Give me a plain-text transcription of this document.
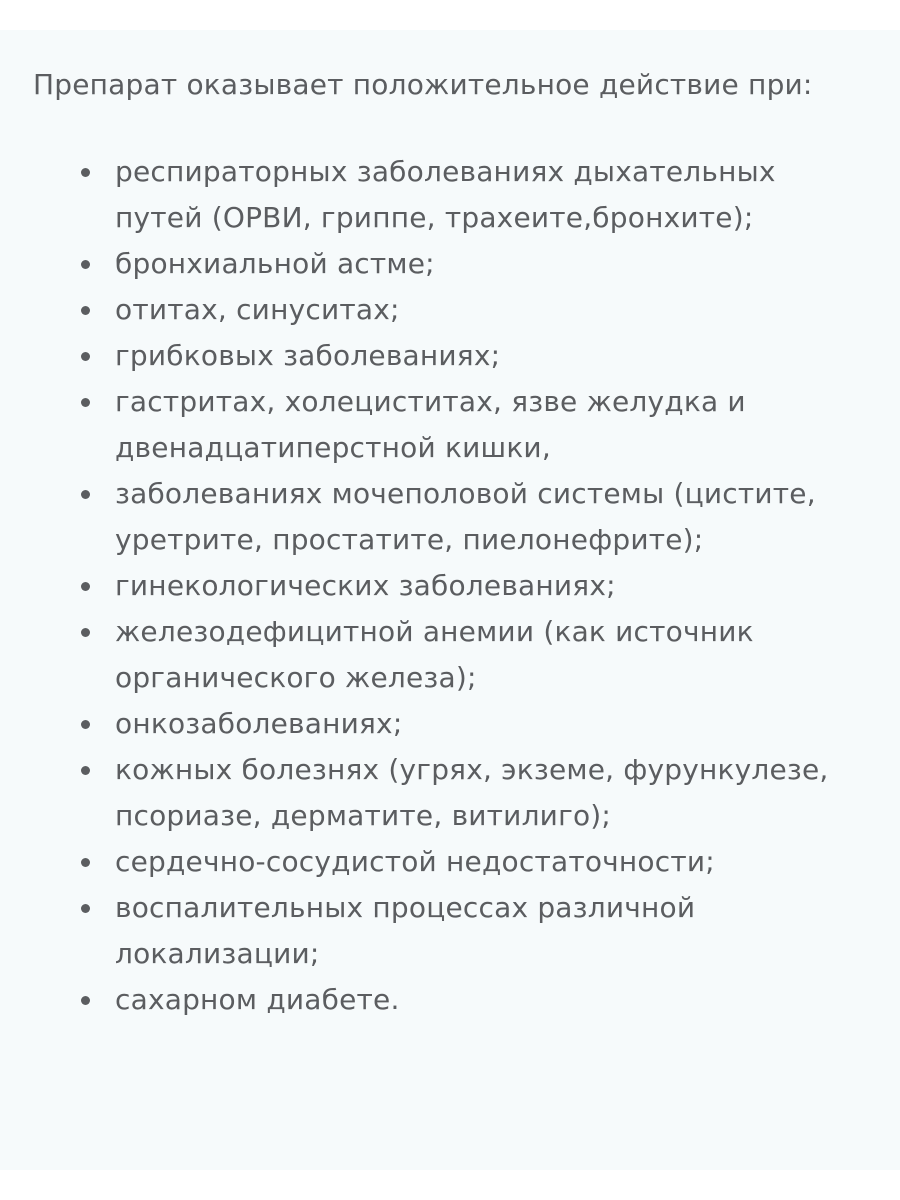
Препарат оказывает положительное действие при:

респираторных заболеваниях дыхательных путей (ОРВИ, гриппе, трахеите,бронхите);
бронхиальной астме;
отитах, синуситах;
грибковых заболеваниях;
гастритах, холециститах, язве желудка и двенадцатиперстной кишки,
заболеваниях мочеполовой системы (цистите, уретрите, простатите, пиелонефрите);
гинекологических заболеваниях;
железодефицитной анемии (как источник органического железа);
онкозаболеваниях;
кожных болезнях (угрях, экземе, фурункулезе, псориазе, дерматите, витилиго);
сердечно-сосудистой недостаточности;
воспалительных процессах различной локализации;
сахарном диабете.
